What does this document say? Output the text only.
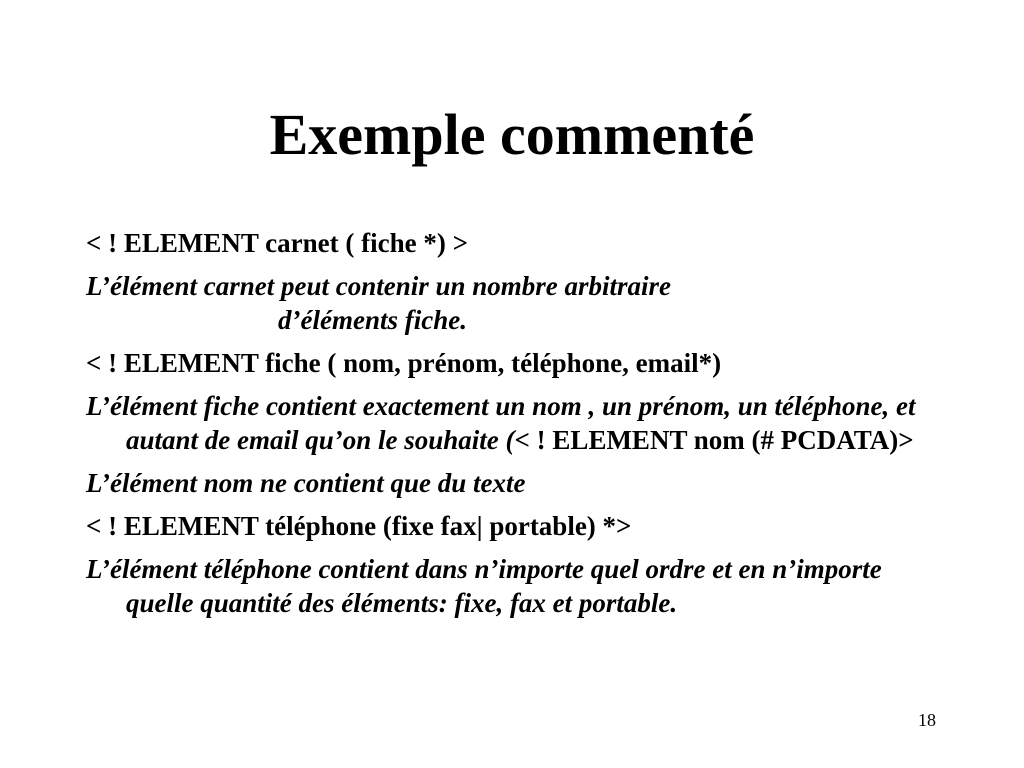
Exemple commenté

< ! ELEMENT carnet ( fiche *) >

L’élément carnet peut contenir un nombre arbitraire

d’éléments fiche.

< ! ELEMENT fiche ( nom, prénom, téléphone, email*)

L’élément fiche contient exactement un nom , un prénom, un téléphone, et autant de email qu’on le souhaite (< ! ELEMENT nom (# PCDATA)>

L’élément nom ne contient que du texte

< ! ELEMENT téléphone (fixe fax| portable) *>

L’élément téléphone contient dans n’importe quel ordre et en n’importe quelle quantité des éléments: fixe, fax et portable.

18
